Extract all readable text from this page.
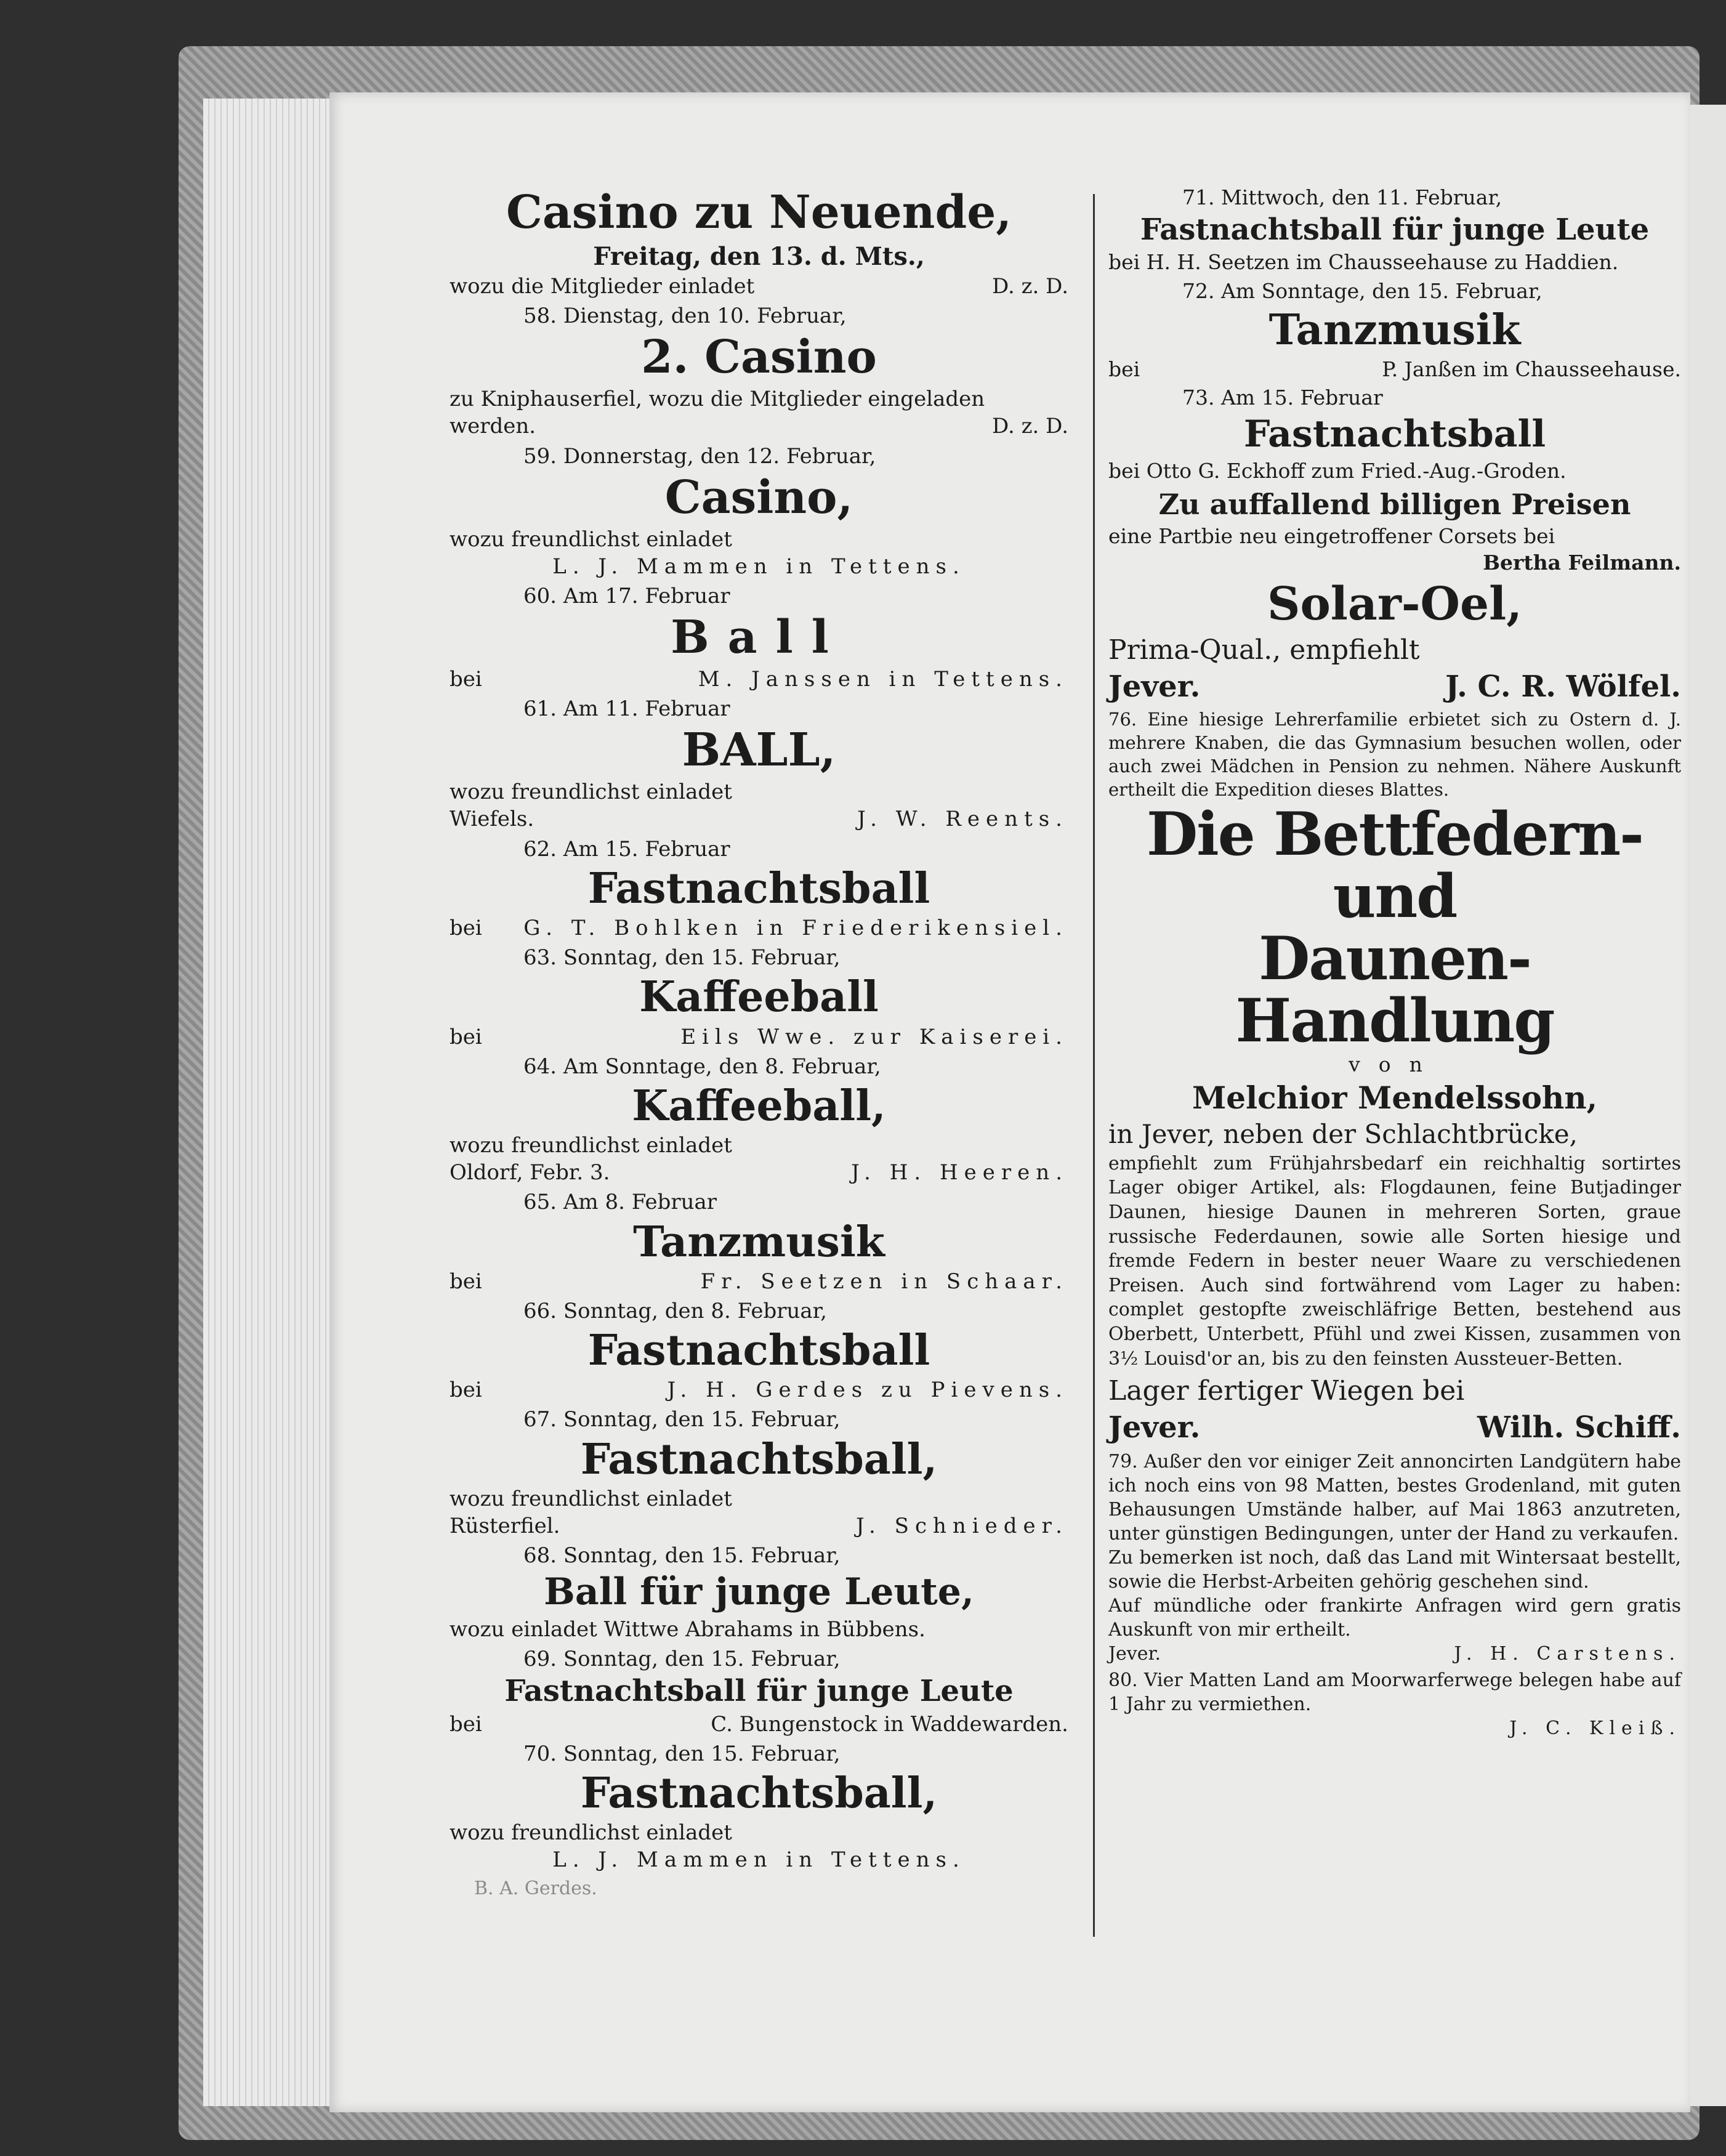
Casino zu Neuende,
Freitag, den 13. d. Mts.,
wozu die Mitglieder einladet	D. z. D.
58. Dienstag, den 10. Februar,
2. Casino
zu Kniphauserfiel, wozu die Mitglieder eingeladen
werden.	D. z. D.
59. Donnerstag, den 12. Februar,
Casino,
wozu freundlichst einladet
L. J. Mammen in Tettens.
60. Am 17. Februar
Ball
bei	M. Janssen in Tettens.
61. Am 11. Februar
BALL,
wozu freundlichst einladet
Wiefels.	J. W. Reents.
62. Am 15. Februar
Fastnachtsball
bei G. T. Bohlken in Friederikensiel.
63. Sonntag, den 15. Februar,
Kaffeeball
bei	Eils Wwe. zur Kaiserei.
64. Am Sonntage, den 8. Februar,
Kaffeeball,
wozu freundlichst einladet
Oldorf, Febr. 3.	J. H. Heeren.
65. Am 8. Februar
Tanzmusik
bei	Fr. Seetzen in Schaar.
66. Sonntag, den 8. Februar,
Fastnachtsball
bei	J. H. Gerdes zu Pievens.
67. Sonntag, den 15. Februar,
Fastnachtsball,
wozu freundlichst einladet
Rüsterfiel.	J. Schnieder.
68. Sonntag, den 15. Februar,
Ball für junge Leute,
wozu einladet Wittwe Abrahams in Bübbens.
69. Sonntag, den 15. Februar,
Fastnachtsball für junge Leute
bei	C. Bungenstock in Waddewarden.
70. Sonntag, den 15. Februar,
Fastnachtsball,
wozu freundlichst einladet
L. J. Mammen in Tettens.
B. A. Gerdes.
71. Mittwoch, den 11. Februar,
Fastnachtsball für junge Leute
bei H. H. Seetzen im Chausseehause zu Haddien.
72. Am Sonntage, den 15. Februar,
Tanzmusik
bei	P. Janßen im Chausseehause.
73. Am 15. Februar
Fastnachtsball
bei Otto G. Eckhoff zum Fried.-Aug.-Groden.
Zu auffallend billigen Preisen
eine Partbie neu eingetroffener Corsets bei
Bertha Feilmann.
Solar-Oel,
Prima-Qual., empfiehlt
Jever.	J. C. R. Wölfel.
76. Eine hiesige Lehrerfamilie erbietet sich zu Ostern d. J. mehrere Knaben, die das Gymnasium besuchen wollen, oder auch zwei Mädchen in Pension zu nehmen. Nähere Auskunft ertheilt die Expedition dieses Blattes.
Die Bettfedern- und
Daunen-Handlung
von
Melchior Mendelssohn,
in Jever, neben der Schlachtbrücke,
empfiehlt zum Frühjahrsbedarf ein reichhaltig sortirtes Lager obiger Artikel, als: Flogdaunen, feine Butjadinger Daunen, hiesige Daunen in mehreren Sorten, graue russische Federdaunen, sowie alle Sorten hiesige und fremde Federn in bester neuer Waare zu verschiedenen Preisen. Auch sind fortwährend vom Lager zu haben: complet gestopfte zweischläfrige Betten, bestehend aus Oberbett, Unterbett, Pfühl und zwei Kissen, zusammen von 3½ Louisd'or an, bis zu den feinsten Aussteuer-Betten.
Lager fertiger Wiegen bei
Jever.	Wilh. Schiff.
79. Außer den vor einiger Zeit annoncirten Landgütern habe ich noch eins von 98 Matten, bestes Grodenland, mit guten Behausungen Umstände halber, auf Mai 1863 anzutreten, unter günstigen Bedingungen, unter der Hand zu verkaufen.
Zu bemerken ist noch, daß das Land mit Wintersaat bestellt, sowie die Herbst-Arbeiten gehörig geschehen sind.
Auf mündliche oder frankirte Anfragen wird gern gratis Auskunft von mir ertheilt.
Jever.	J. H. Carstens.
80. Vier Matten Land am Moorwarferwege belegen habe auf 1 Jahr zu vermiethen.
J. C. Kleiß.
